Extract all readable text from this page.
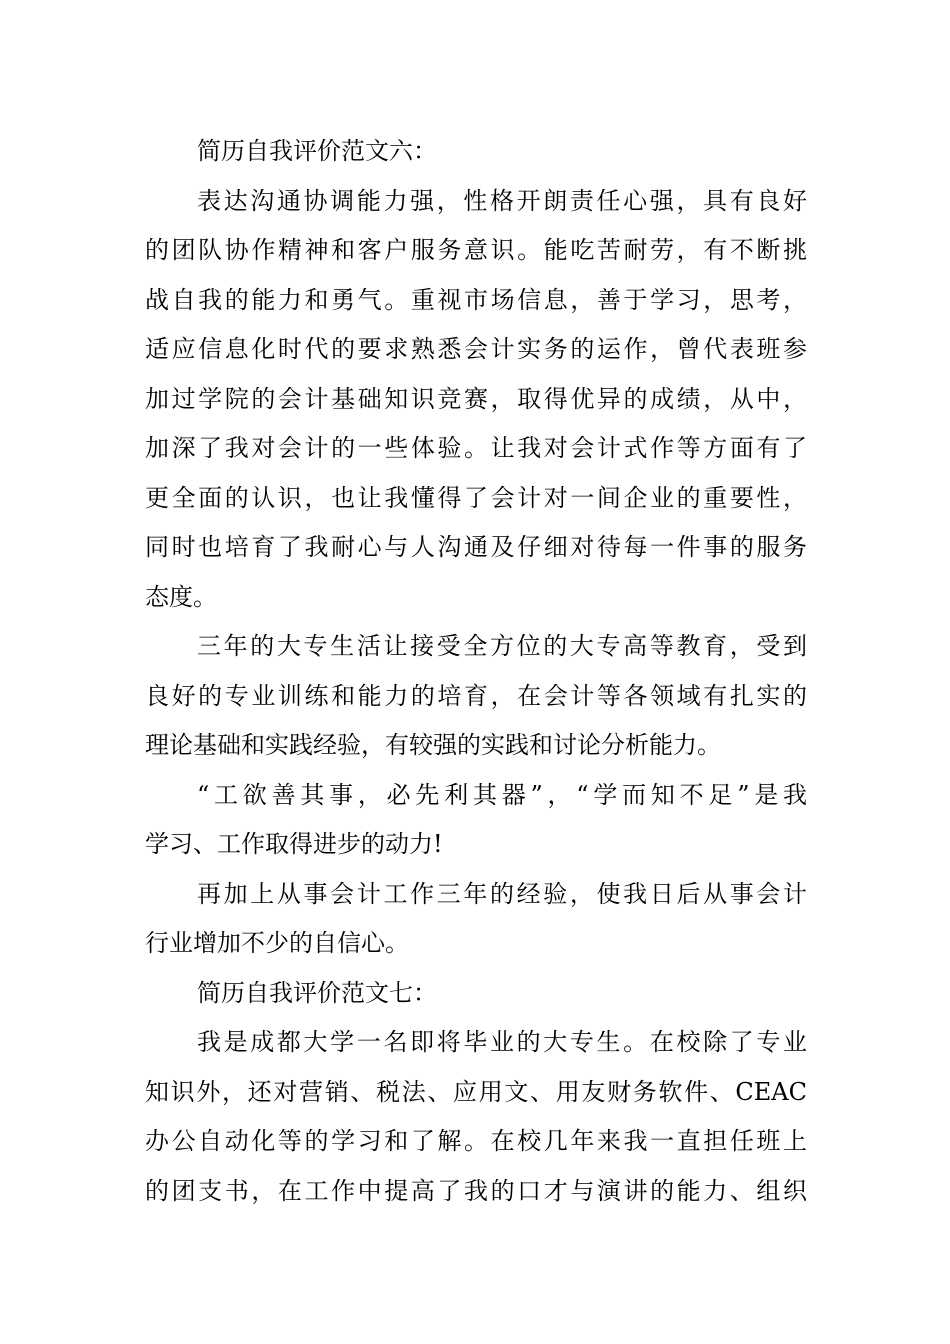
简历自我评价范文六：
表达沟通协调能力强，性格开朗责任心强，具有良好
的团队协作精神和客户服务意识。能吃苦耐劳，有不断挑
战自我的能力和勇气。重视市场信息，善于学习，思考，
适应信息化时代的要求熟悉会计实务的运作，曾代表班参
加过学院的会计基础知识竞赛，取得优异的成绩，从中，
加深了我对会计的一些体验。让我对会计式作等方面有了
更全面的认识，也让我懂得了会计对一间企业的重要性，
同时也培育了我耐心与人沟通及仔细对待每一件事的服务
态度。
三年的大专生活让接受全方位的大专高等教育，受到
良好的专业训练和能力的培育，在会计等各领域有扎实的
理论基础和实践经验，有较强的实践和讨论分析能力。
“工欲善其事，必先利其器”，“学而知不足”是我
学习、工作取得进步的动力!
再加上从事会计工作三年的经验，使我日后从事会计
行业增加不少的自信心。
简历自我评价范文七：
我是成都大学一名即将毕业的大专生。在校除了专业
知识外，还对营销、税法、应用文、用友财务软件、CEAC
办公自动化等的学习和了解。在校几年来我一直担任班上
的团支书，在工作中提高了我的口才与演讲的能力、组织
